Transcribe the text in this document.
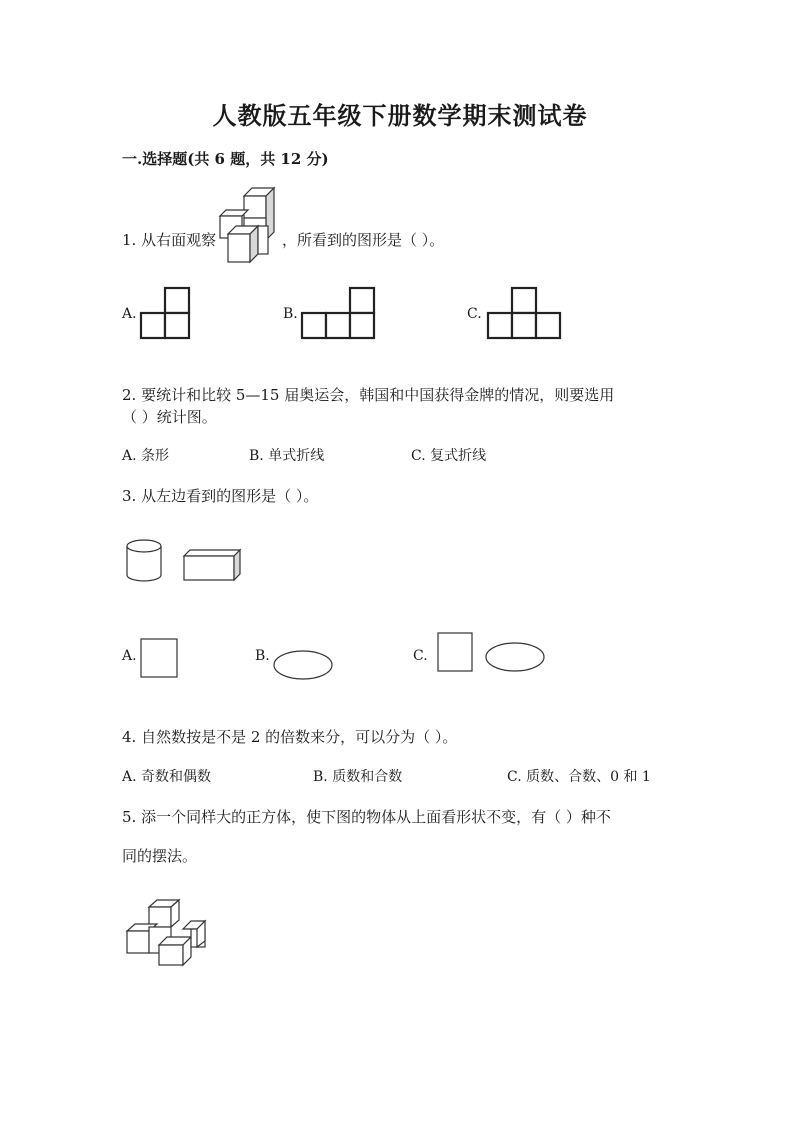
人教版五年级下册数学期末测试卷
一.选择题(共 6 题，共 12 分)
1. 从右面观察	，所看到的图形是（ ）。
A.	B.	C.
2. 要统计和比较 5—15 届奥运会，韩国和中国获得金牌的情况，则要选用
（ ）统计图。
A. 条形	B. 单式折线	C. 复式折线
3. 从左边看到的图形是（ ）。
A.	B.	C.
4. 自然数按是不是 2 的倍数来分，可以分为（ ）。
A. 奇数和偶数	B. 质数和合数	C. 质数、合数、0 和 1
5. 添一个同样大的正方体，使下图的物体从上面看形状不变，有（ ）种不
同的摆法。
